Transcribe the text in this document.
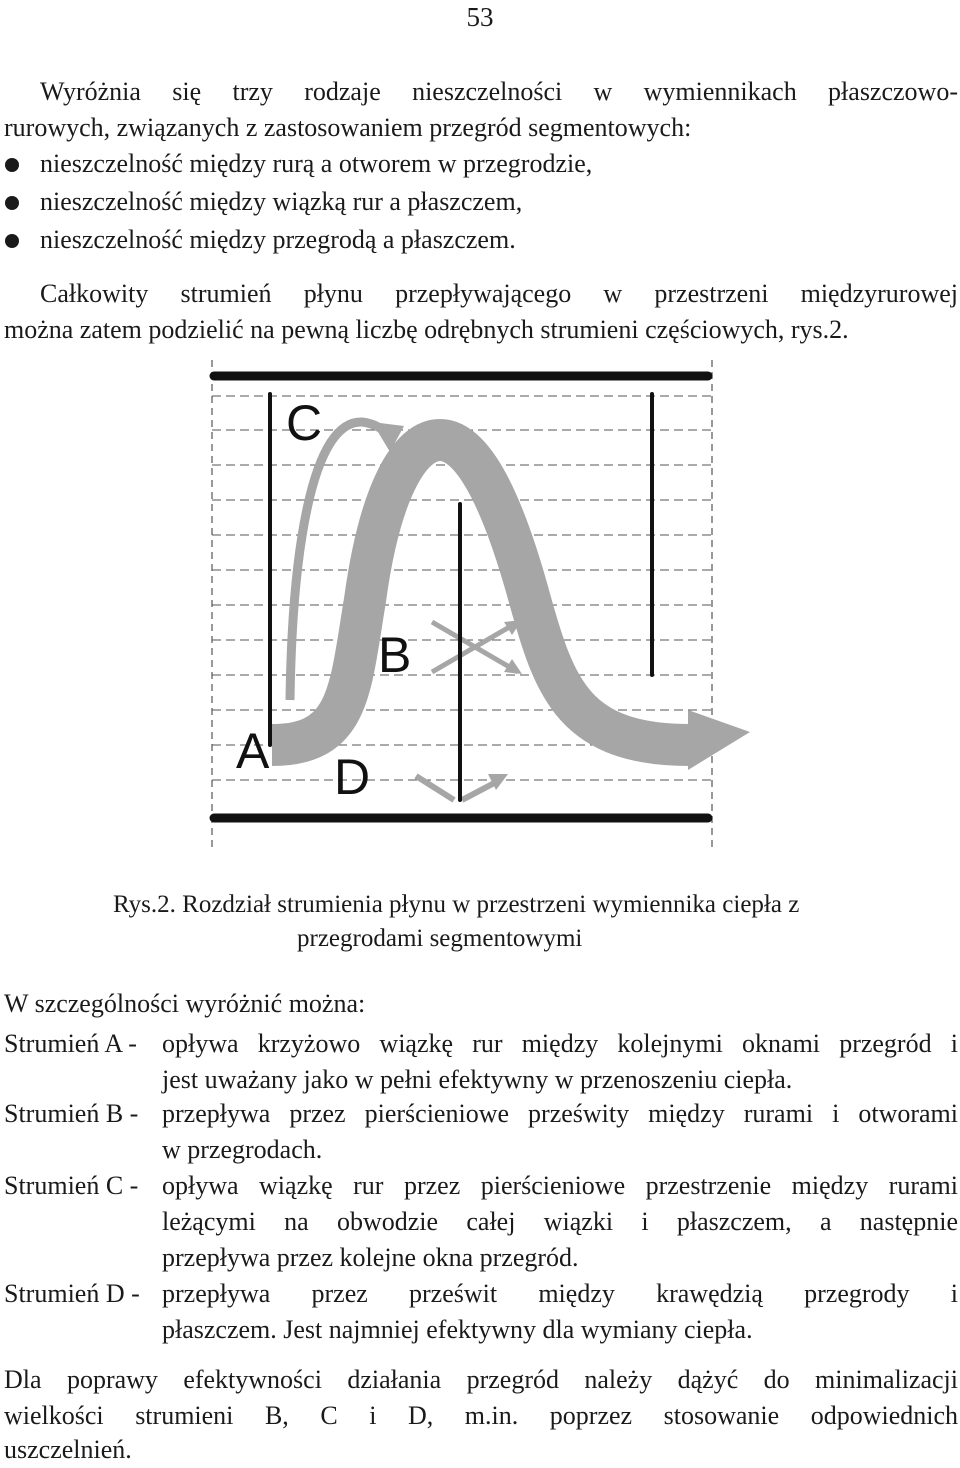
53
Wyróżnia się trzy rodzaje nieszczelności w wymiennikach płaszczowo-
rurowych, związanych z zastosowaniem przegród segmentowych:
nieszczelność między rurą a otworem w przegrodzie,
nieszczelność między wiązką rur a płaszczem,
nieszczelność między przegrodą a płaszczem.
Całkowity strumień płynu przepływającego w przestrzeni międzyrurowej
można zatem podzielić na pewną liczbę odrębnych strumieni częściowych, rys.2.
C
B
A D
Rys.2. Rozdział strumienia płynu w przestrzeni wymiennika ciepła z
przegrodami segmentowymi
W szczególności wyróżnić można:
Strumień A - opływa krzyżowo wiązkę rur między kolejnymi oknami przegród i
jest uważany jako w pełni efektywny w przenoszeniu ciepła.
Strumień B - przepływa przez pierścieniowe prześwity między rurami i otworami
w przegrodach.
Strumień C - opływa wiązkę rur przez pierścieniowe przestrzenie między rurami
leżącymi na obwodzie całej wiązki i płaszczem, a następnie
przepływa przez kolejne okna przegród.
Strumień D - przepływa przez prześwit między krawędzią przegrody i
płaszczem. Jest najmniej efektywny dla wymiany ciepła.
Dla poprawy efektywności działania przegród należy dążyć do minimalizacji
wielkości strumieni B, C i D, m.in. poprzez stosowanie odpowiednich
uszczelnień.
